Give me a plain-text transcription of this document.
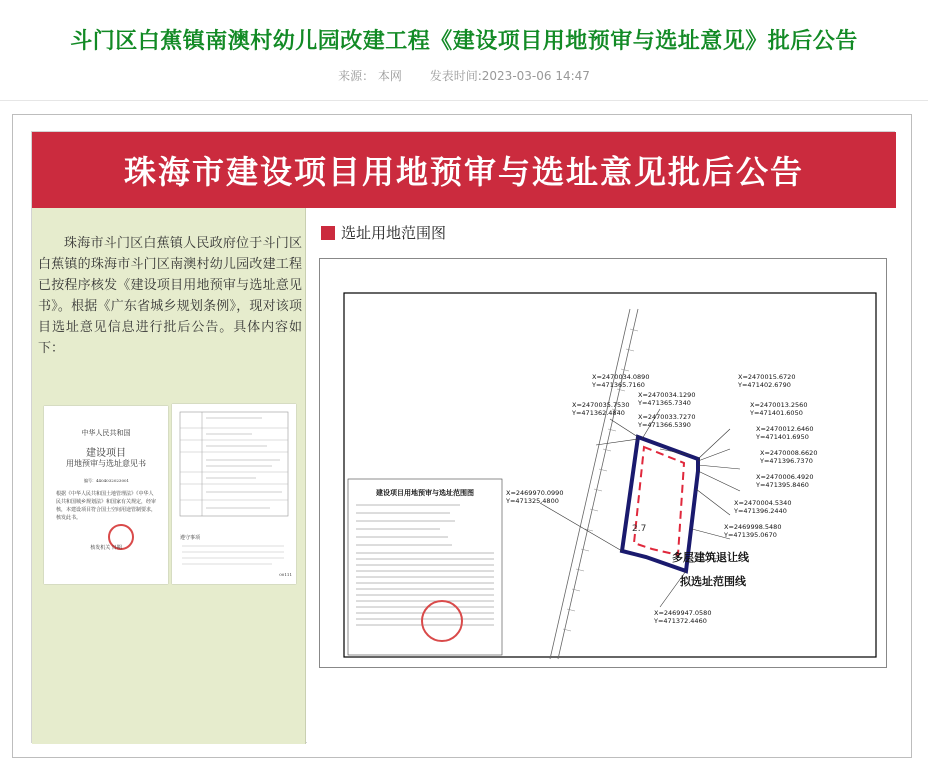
斗门区白蕉镇南澳村幼儿园改建工程《建设项目用地预审与选址意见》批后公告
来源： 本网 发表时间:2023-03-06 14:47
珠海市建设项目用地预审与选址意见批后公告
珠海市斗门区白蕉镇人民政府位于斗门区白蕉镇的珠海市斗门区南澳村幼儿园改建工程已按程序核发《建设项目用地预审与选址意见书》。根据《广东省城乡规划条例》，现对该项目选址意见信息进行批后公告。具体内容如下：
中华人民共和国
建设项目
用地预审与选址意见书
编号：4404032023001
根据《中华人民共和国土地管理法》《中华人民共和国城乡规划法》和国家有关规定，经审核，本建设项目符合国土空间用途管制要求，核发此书。
核发机关 日期
遵守事项
00111
选址用地范围图
2.7
X=2470034.0890
Y=471365.7160
X=2470034.1290
Y=471365.7340
X=2470035.7530
Y=471362.4840 X=2470033.7270
Y=471366.5390
X=2470015.6720
Y=471402.6790
X=2470013.2560
Y=471401.6050
X=2470012.6460
Y=471401.6950
X=2470008.6620
Y=471396.7370
X=2470006.4920
Y=471395.8460
X=2469970.0990
Y=471325.4800	X=2470004.5340
Y=471396.2440
X=2469998.5480
Y=471395.0670
X=2469947.0580
Y=471372.4460
多层建筑退让线
拟选址范围线
建设项目用地预审与选址范围图
